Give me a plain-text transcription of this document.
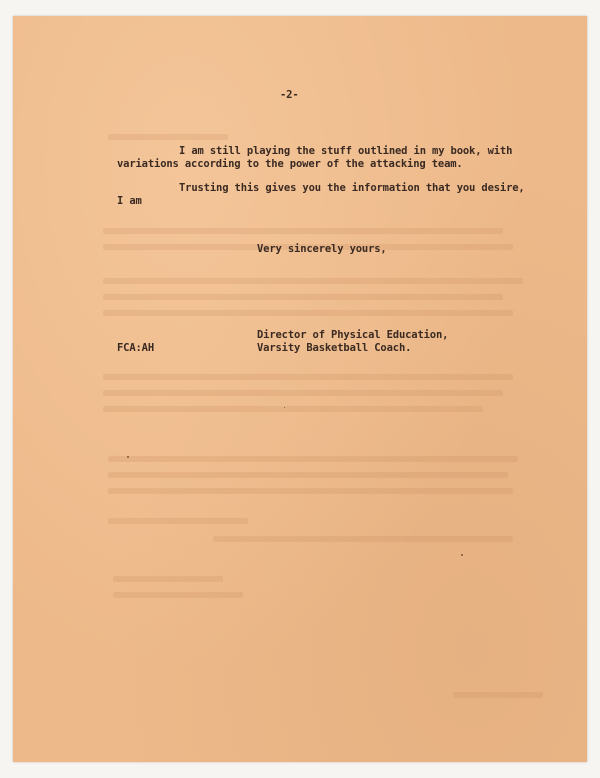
-2-
I am still playing the stuff outlined in my book, with
variations according to the power of the attacking team.
Trusting this gives you the information that you desire,
I am
Very sincerely yours,
Director of Physical Education,
FCA:AH	Varsity Basketball Coach.
